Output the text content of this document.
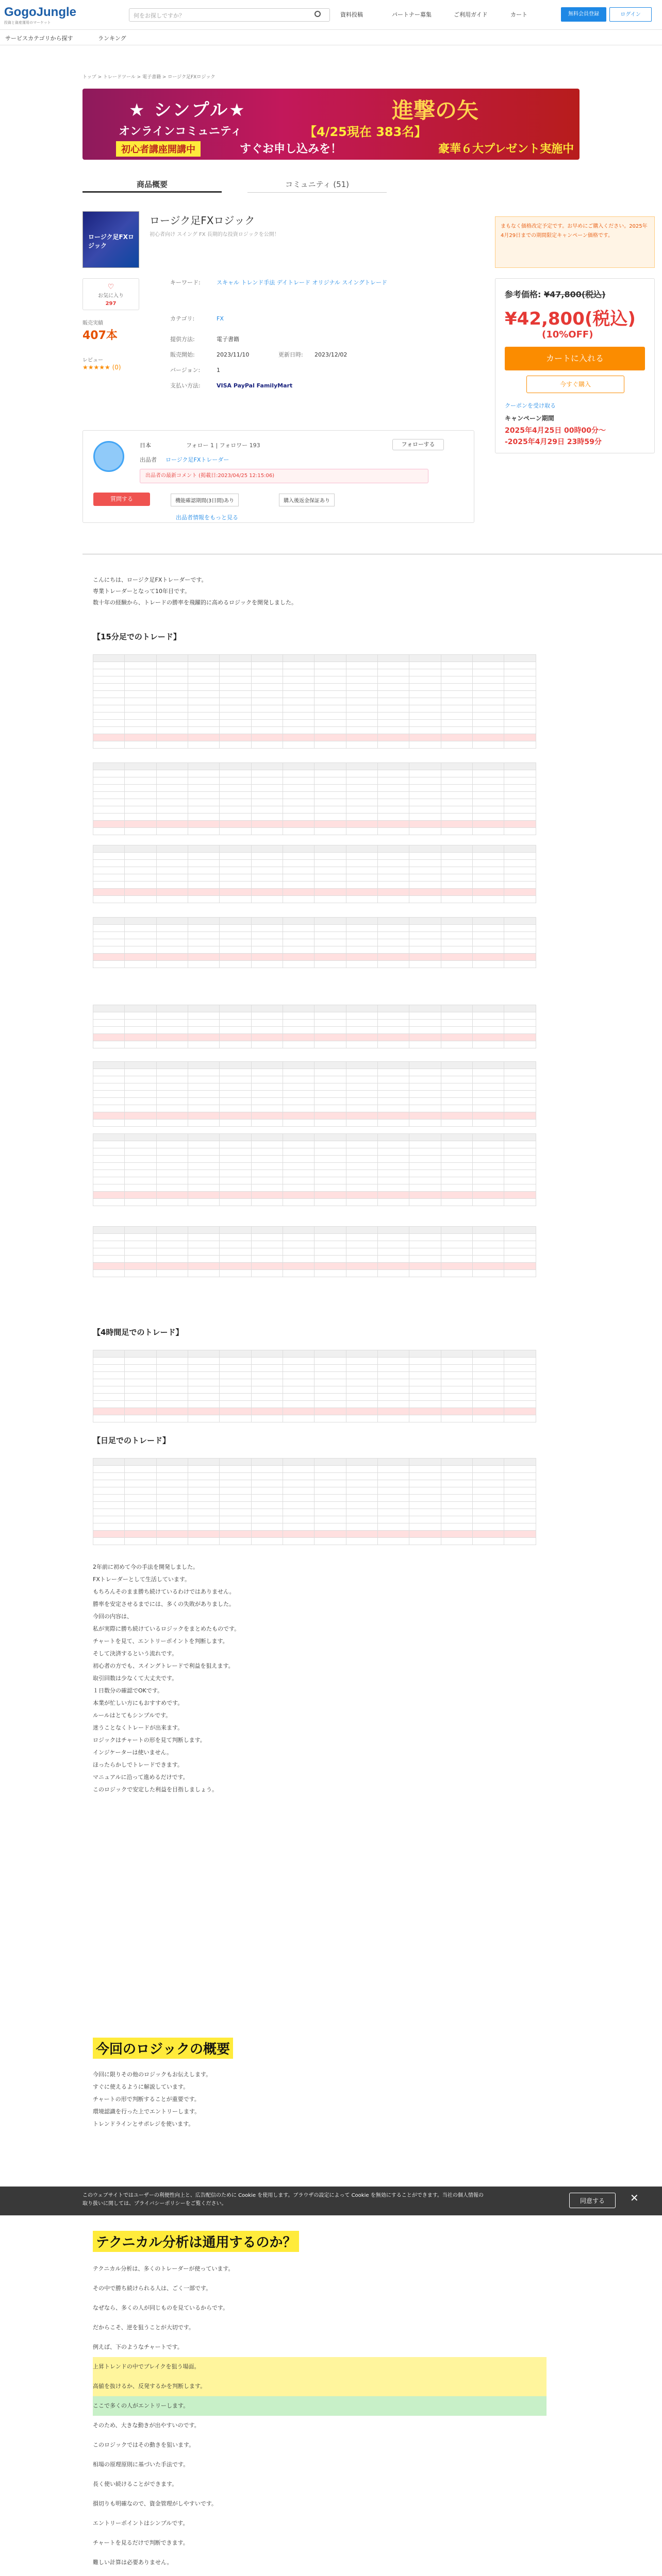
GogoJungle
投資と資産運用のマーケット
何をお探しですか？	資料投稿	パートナー募集	ご利用ガイド	カート	無料会員登録	ログイン
サービスカテゴリから探す	ランキング
トップ > トレードツール > 電子書籍 > ロージク足FXロジック
★ シンプル★	進撃の矢
オンラインコミュニティ	【4/25現在 383名】
初心者講座開講中	すぐお申し込みを！	豪華６大プレゼント実施中
商品概要	コミュニティ (51)
ロージク足FXロジック
ロージク足FXロジック
初心者向け スイング FX 長期的な投資ロジックを公開！
♡
お気に入り
297
キーワード:	スキャル トレンド手法 デイトレード オリジナル スイングトレード
カテゴリ:	FX
提供方法:	電子書籍
販売開始:	2023/11/10	更新日時: 2023/12/02
バージョン:	1
支払い方法:	VISA PayPal FamilyMart
販売実績
407本
レビュー
★★★★★ (0)
日本	フォロー 1 | フォロワー 193	フォローする
出品者 ロージク足FXトレーダー
出品者の最新コメント (掲載日:2023/04/25 12:15:06)
質問する	機能確認期間(3日間)あり	購入後返金保証あり
出品者情報をもっと見る
まもなく価格改定予定です。お早めにご購入ください。2025年4月29日までの期間限定キャンペーン価格です。
参考価格: ¥47,800(税込)
¥42,800(税込)
(10%OFF)
カートに入れる
今すぐ購入
クーポンを受け取る
キャンペーン期間
2025年4月25日 00時00分～
-2025年4月29日 23時59分
こんにちは、ロージク足FXトレーダーです。
専業トレーダーとなって10年目です。
数十年の経験から、トレードの勝率を飛躍的に高めるロジックを開発しました。
【15分足でのトレード】
【4時間足でのトレード】
【日足でのトレード】
2年前に初めて今の手法を開発しました。
FXトレーダーとして生活しています。
もちろんそのまま勝ち続けているわけではありません。
勝率を安定させるまでには、多くの失敗がありました。
今回の内容は、
私が実際に勝ち続けているロジックをまとめたものです。
チャートを見て、エントリーポイントを判断します。
そして決済するという流れです。
初心者の方でも、スイングトレードで利益を狙えます。
取引回数は少なくて大丈夫です。
１日数分の確認でOKです。
本業が忙しい方にもおすすめです。
ルールはとてもシンプルです。
迷うことなくトレードが出来ます。
ロジックはチャートの形を見て判断します。
インジケーターは使いません。
ほったらかしでトレードできます。
マニュアルに沿って進めるだけです。
このロジックで安定した利益を目指しましょう。
今回のロジックの概要
今回に限りその他のロジックもお伝えします。
すぐに使えるように解説しています。
チャートの形で判断することが重要です。
環境認識を行った上でエントリーします。
トレンドラインとサポレジを使います。
テクニカル分析は通用するのか？
テクニカル分析は、多くのトレーダーが使っています。
その中で勝ち続けられる人は、ごく一部です。
なぜなら、多くの人が同じものを見ているからです。
だからこそ、逆を狙うことが大切です。
例えば、下のようなチャートです。
上昇トレンドの中でブレイクを狙う場面。
高値を抜けるか、反発するかを判断します。
ここで多くの人がエントリーします。
そのため、大きな動きが出やすいのです。
このロジックではその動きを狙います。
相場の原理原則に基づいた手法です。
長く使い続けることができます。
損切りも明確なので、資金管理がしやすいです。
エントリーポイントはシンプルです。
チャートを見るだけで判断できます。
難しい計算は必要ありません。
このウェブサイトではユーザーの利便性向上と、広告配信のために Cookie を使用します。ブラウザの設定によって Cookie を無効にすることができます。当社の個人情報の取り扱いに関しては、プライバシーポリシーをご覧ください。	同意する	✕
